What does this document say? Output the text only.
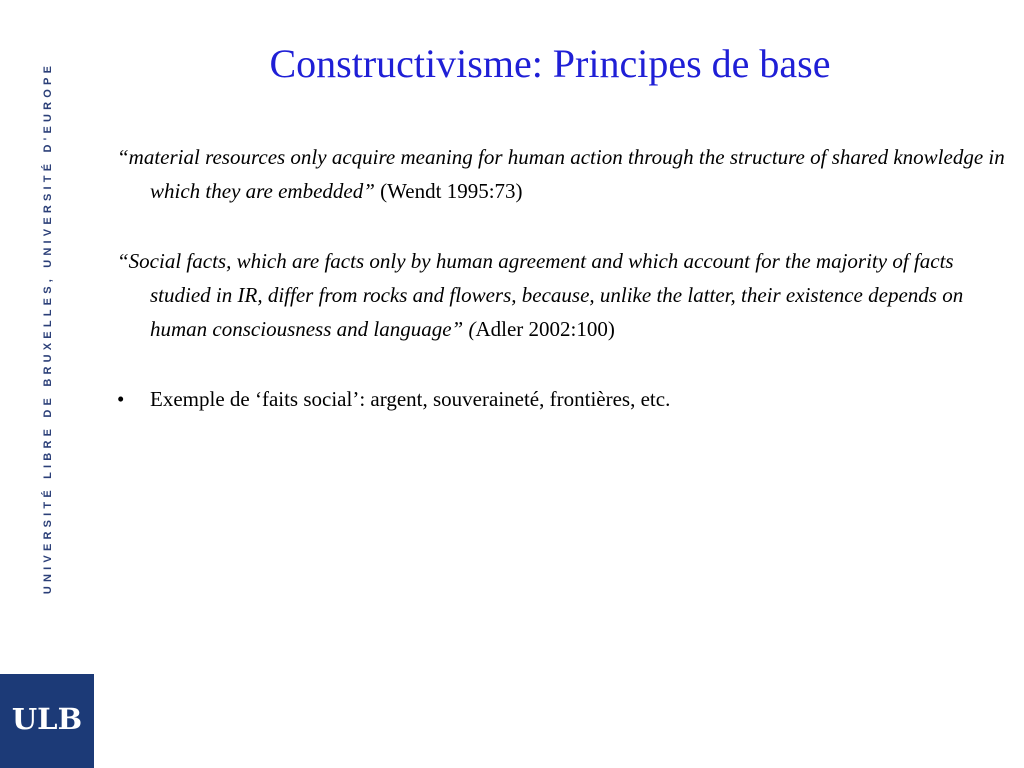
UNIVERSITÉ LIBRE DE BRUXELLES, UNIVERSITÉ D'EUROPE
ULB
Constructivisme: Principes de base

“material resources only acquire meaning for human action through the structure of shared knowledge in which they are embedded” (Wendt 1995:73)

“Social facts, which are facts only by human agreement and which account for the majority of facts studied in IR, differ from rocks and flowers, because, unlike the latter, their existence depends on human consciousness and language” (Adler 2002:100)

• Exemple de ‘faits social’: argent, souveraineté, frontières, etc.
